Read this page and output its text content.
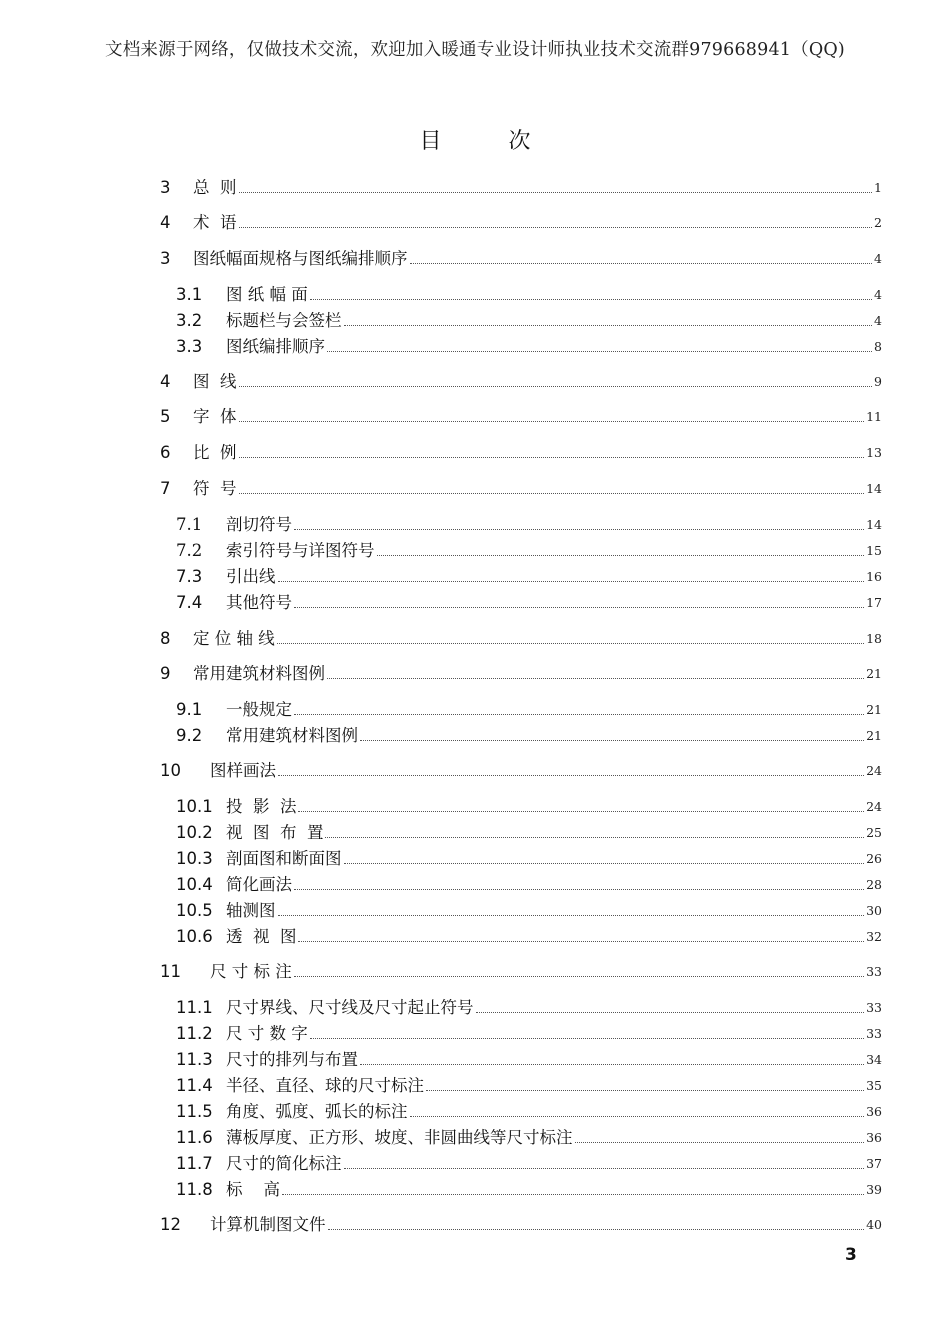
文档来源于网络，仅做技术交流，欢迎加入暖通专业设计师执业技术交流群979668941（QQ)
目 次
3	总  则	1
4	术  语	2
3	图纸幅面规格与图纸编排顺序	4
3.1	图 纸 幅 面	4
3.2	标题栏与会签栏	4
3.3	图纸编排顺序	8
4	图  线	9
5	字  体	11
6	比  例	13
7	符  号	14
7.1	剖切符号	14
7.2	索引符号与详图符号	15
7.3	引出线	16
7.4	其他符号	17
8	定 位 轴 线	18
9	常用建筑材料图例	21
9.1	一般规定	21
9.2	常用建筑材料图例	21
10	图样画法	24
10.1 投  影  法	24
10.2 视  图  布  置	25
10.3 剖面图和断面图	26
10.4 简化画法	28
10.5 轴测图	30
10.6 透  视  图	32
11	尺 寸 标 注	33
11.1 尺寸界线、尺寸线及尺寸起止符号	33
11.2 尺 寸 数 字	33
11.3 尺寸的排列与布置	34
11.4 半径、直径、球的尺寸标注	35
11.5 角度、弧度、弧长的标注	36
11.6 薄板厚度、正方形、坡度、非圆曲线等尺寸标注	36
11.7 尺寸的简化标注	37
11.8 标    高	39
12	计算机制图文件	40
3
